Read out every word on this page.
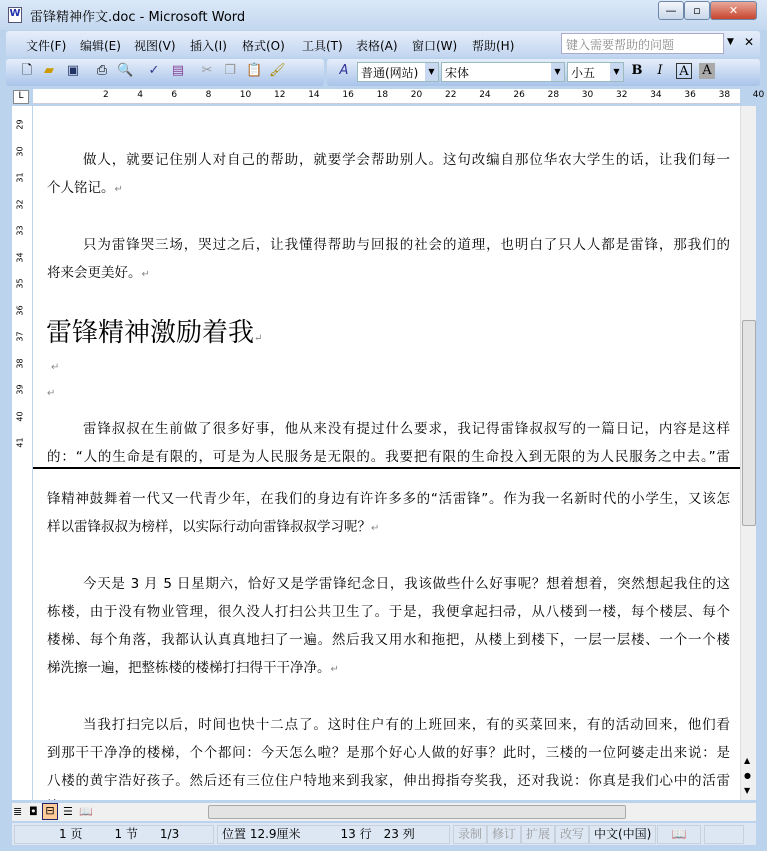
W 雷锋精神作文.doc - Microsoft Word	—	▫	✕
文件(F) 编辑(E) 视图(V) 插入(I) 格式(O) 工具(T) 表格(A) 窗口(W) 帮助(H)	键入需要帮助的问题	▼ ✕
🗋 ▰ ▣ ⎙ 🔍 ✓ ▤ ✂ ❐ 📋 🖌	A	普通(网站)	▼ 宋体	▼ 小五	▼ B	I	A A
L	2	4	6	8	10	12	14	16	18	20	22	24	26	28	30	32	34	36	38	40
29
30
31
32
33
34
35
36
37
38
39
40
41
做人，就要记住别人对自己的帮助，就要学会帮助别人。这句改编自那位华农大学生的话，让我们每一
个人铭记。↵
只为雷锋哭三场，哭过之后，让我懂得帮助与回报的社会的道理，也明白了只人人都是雷锋，那我们的
将来会更美好。↵
雷锋叔叔在生前做了很多好事，他从来没有提过什么要求，我记得雷锋叔叔写的一篇日记，内容是这样
的：“人的生命是有限的，可是为人民服务是无限的。我要把有限的生命投入到无限的为人民服务之中去。”雷
锋精神鼓舞着一代又一代青少年，在我们的身边有许许多多的“活雷锋”。作为我一名新时代的小学生，又该怎
样以雷锋叔叔为榜样，以实际行动向雷锋叔叔学习呢？↵
今天是 3 月 5 日星期六，恰好又是学雷锋纪念日，我该做些什么好事呢？想着想着，突然想起我住的这
栋楼，由于没有物业管理，很久没人打扫公共卫生了。于是，我便拿起扫帚，从八楼到一楼，每个楼层、每个
楼梯、每个角落，我都认认真真地扫了一遍。然后我又用水和拖把，从楼上到楼下，一层一层楼、一个一个楼
梯洗擦一遍，把整栋楼的楼梯打扫得干干净净。↵
当我打扫完以后，时间也快十二点了。这时住户有的上班回来，有的买菜回来，有的活动回来，他们看
到那干干净净的楼梯，个个都问：今天怎么啦？是那个好心人做的好事？此时，三楼的一位阿婆走出来说：是
八楼的黄宇浩好孩子。然后还有三位住户特地来到我家，伸出拇指夸奖我，还对我说：你真是我们心中的活雷
雷锋精神激励着我↵
↵
↵
▲
●
▼
≣ ◘ ⊟ ☰ 📖
1 页	1 节 1/3	位置 12.9厘米	13 行 23 列	录制 修订 扩展 改写 中文(中国)	📖
